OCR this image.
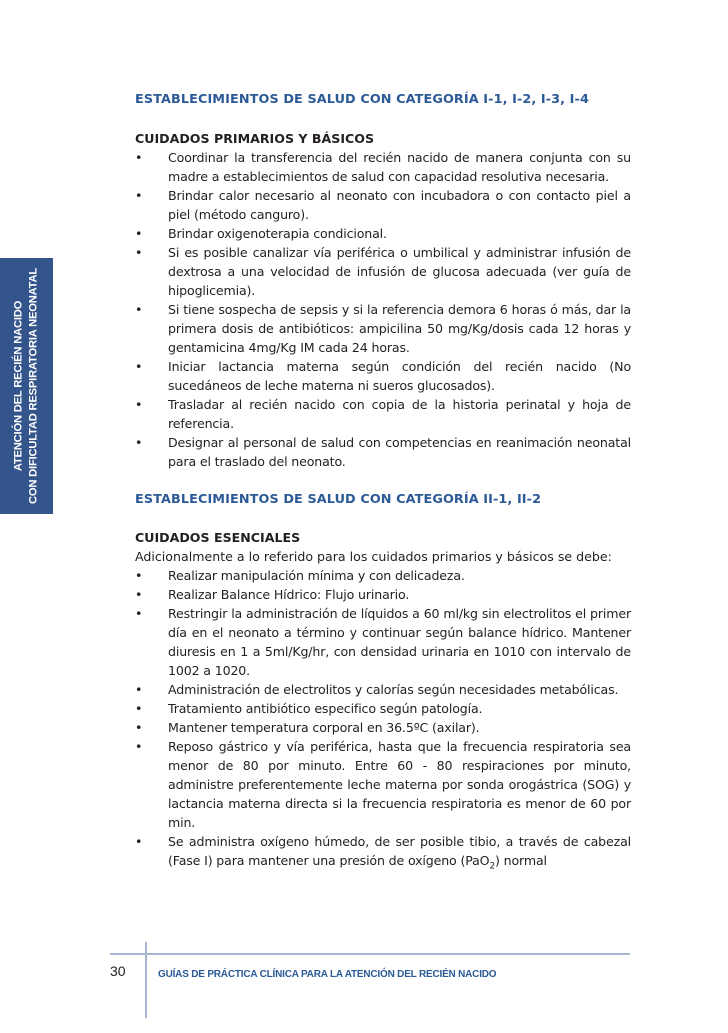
ATENCIÓN DEL RECIÉN NACIDO CON DIFICULTAD RESPIRATORIA NEONATAL
ESTABLECIMIENTOS DE SALUD CON CATEGORÍA I-1, I-2, I-3, I-4
CUIDADOS PRIMARIOS Y BÁSICOS
• Coordinar la transferencia del recién nacido de manera conjunta con su madre a establecimientos de salud con capacidad resolutiva necesaria.
• Brindar calor necesario al neonato con incubadora o con contacto piel a piel (método canguro).
• Brindar oxigenoterapia condicional.
• Si es posible canalizar vía periférica o umbilical y administrar infusión de dextrosa a una velocidad de infusión de glucosa adecuada (ver guía de hipoglicemia).
• Si tiene sospecha de sepsis y si la referencia demora 6 horas ó más, dar la primera dosis de antibióticos: ampicilina 50 mg/Kg/dosis cada 12 horas y gentamicina 4mg/Kg IM cada 24 horas.
• Iniciar lactancia materna según condición del recién nacido (No sucedáneos de leche materna ni sueros glucosados).
• Trasladar al recién nacido con copia de la historia perinatal y hoja de referencia.
• Designar al personal de salud con competencias en reanimación neonatal para el traslado del neonato.
ESTABLECIMIENTOS DE SALUD CON CATEGORÍA II-1, II-2
CUIDADOS ESENCIALES
Adicionalmente a lo referido para los cuidados primarios y básicos se debe:
• Realizar manipulación mínima y con delicadeza.
• Realizar Balance Hídrico: Flujo urinario.
• Restringir la administración de líquidos a 60 ml/kg sin electrolitos el primer día en el neonato a término y continuar según balance hídrico. Mantener diuresis en 1 a 5ml/Kg/hr, con densidad urinaria en 1010 con intervalo de 1002 a 1020.
• Administración de electrolitos y calorías según necesidades metabólicas.
• Tratamiento antibiótico especifico según patología.
• Mantener temperatura corporal en 36.5ºC (axilar).
• Reposo gástrico y vía periférica, hasta que la frecuencia respiratoria sea menor de 80 por minuto. Entre 60 - 80 respiraciones por minuto, administre preferentemente leche materna por sonda orogástrica (SOG) y lactancia materna directa si la frecuencia respiratoria es menor de 60 por min.
• Se administra oxígeno húmedo, de ser posible tibio, a través de cabezal (Fase I) para mantener una presión de oxígeno (PaO$_2$) normal
30	GUÍAS DE PRÁCTICA CLÍNICA PARA LA ATENCIÓN DEL RECIÉN NACIDO
